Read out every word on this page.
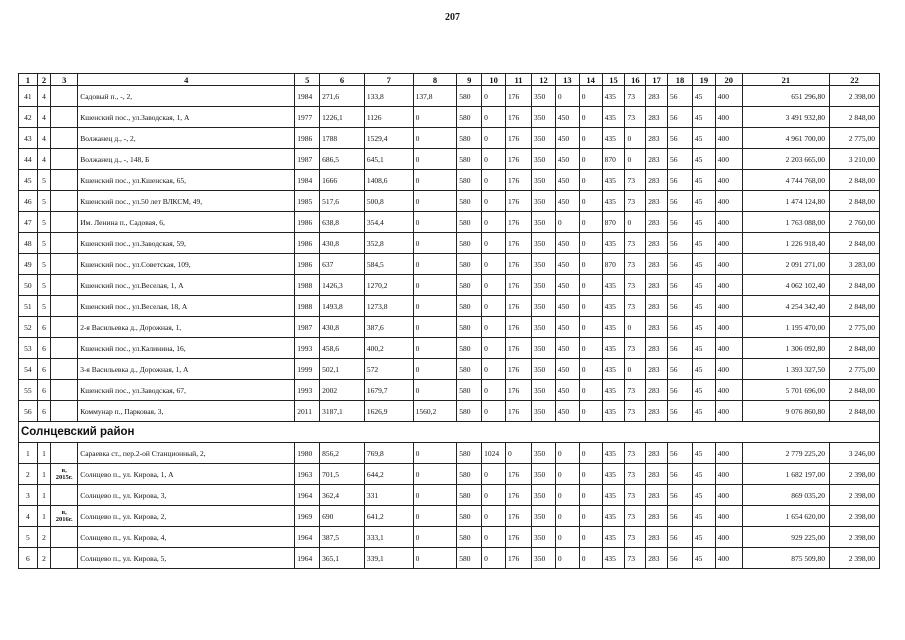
207
1	2	3	4	5	6	7	8	9	10	11	12	13	14	15	16	17	18	19	20	21	22
41	4		Садовый п., -, 2,	1984	271,6	133,8	137,8	580	0	176	350	0	0	435	73	283	56	45	400	651 296,80	2 398,00
42	4		Кшенский пос., ул.Заводская, 1, А	1977	1226,1	1126	0	580	0	176	350	450	0	435	73	283	56	45	400	3 491 932,80	2 848,00
43	4		Волжанец д., -, 2,	1986	1788	1529,4	0	580	0	176	350	450	0	435	0	283	56	45	400	4 961 700,00	2 775,00
44	4		Волжанец д., -, 148, Б	1987	686,5	645,1	0	580	0	176	350	450	0	870	0	283	56	45	400	2 203 665,00	3 210,00
45	5		Кшенский пос., ул.Кшенская, 65,	1984	1666	1408,6	0	580	0	176	350	450	0	435	73	283	56	45	400	4 744 768,00	2 848,00
46	5		Кшенский пос., ул.50 лет ВЛКСМ, 49,	1985	517,6	500,8	0	580	0	176	350	450	0	435	73	283	56	45	400	1 474 124,80	2 848,00
47	5		Им. Ленина п., Садовая, 6,	1986	638,8	354,4	0	580	0	176	350	0	0	870	0	283	56	45	400	1 763 088,00	2 760,00
48	5		Кшенский пос., ул.Заводская, 59,	1986	430,8	352,8	0	580	0	176	350	450	0	435	73	283	56	45	400	1 226 918,40	2 848,00
49	5		Кшенский пос., ул.Советская, 109,	1986	637	584,5	0	580	0	176	350	450	0	870	73	283	56	45	400	2 091 271,00	3 283,00
50	5		Кшенский пос., ул.Веселая, 1, А	1988	1426,3	1270,2	0	580	0	176	350	450	0	435	73	283	56	45	400	4 062 102,40	2 848,00
51	5		Кшенский пос., ул.Веселая, 18, А	1988	1493,8	1273,8	0	580	0	176	350	450	0	435	73	283	56	45	400	4 254 342,40	2 848,00
52	6		2-я Васильевка д., Дорожная, 1,	1987	430,8	387,6	0	580	0	176	350	450	0	435	0	283	56	45	400	1 195 470,00	2 775,00
53	6		Кшенский пос., ул.Калинина, 16,	1993	458,6	400,2	0	580	0	176	350	450	0	435	73	283	56	45	400	1 306 092,80	2 848,00
54	6		3-я Васильевка д., Дорожная, 1, А	1999	502,1	572	0	580	0	176	350	450	0	435	0	283	56	45	400	1 393 327,50	2 775,00
55	6		Кшенский пос., ул.Заводская, 67,	1993	2002	1679,7	0	580	0	176	350	450	0	435	73	283	56	45	400	5 701 696,00	2 848,00
56	6		Коммунар п., Парковая, 3,	2011	3187,1	1626,9	1560,2	580	0	176	350	450	0	435	73	283	56	45	400	9 076 860,80	2 848,00
Солнцевский район																					
1	1		Сараевка ст., пер.2-ой Станционный, 2,	1980	856,2	769,8	0	580	1024	0	350	0	0	435	73	283	56	45	400	2 779 225,20	3 246,00
2	1	в, 2015г.	Солнцево п., ул. Кирова, 1, А	1963	701,5	644,2	0	580	0	176	350	0	0	435	73	283	56	45	400	1 682 197,00	2 398,00
3	1		Солнцево п., ул. Кирова, 3,	1964	362,4	331	0	580	0	176	350	0	0	435	73	283	56	45	400	869 035,20	2 398,00
4	1	в, 2016г.	Солнцево п., ул. Кирова, 2,	1969	690	641,2	0	580	0	176	350	0	0	435	73	283	56	45	400	1 654 620,00	2 398,00
5	2		Солнцево п., ул. Кирова, 4,	1964	387,5	333,1	0	580	0	176	350	0	0	435	73	283	56	45	400	929 225,00	2 398,00
6	2		Солнцево п., ул. Кирова, 5,	1964	365,1	339,1	0	580	0	176	350	0	0	435	73	283	56	45	400	875 509,80	2 398,00
